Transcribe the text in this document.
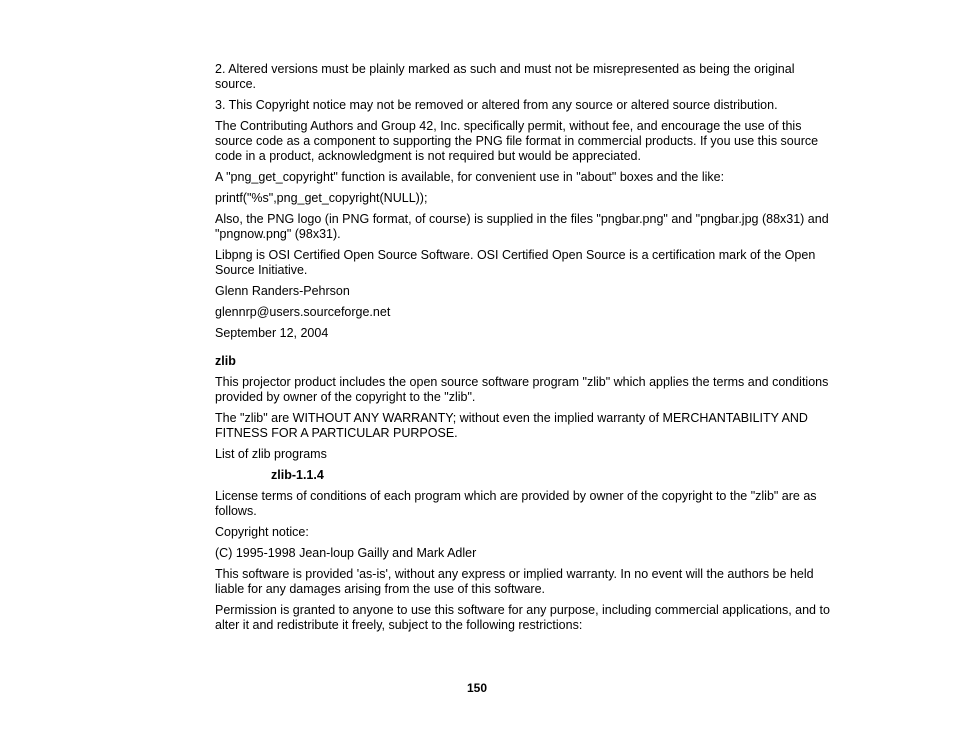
2. Altered versions must be plainly marked as such and must not be misrepresented as being the original source.

3. This Copyright notice may not be removed or altered from any source or altered source distribution.

The Contributing Authors and Group 42, Inc. specifically permit, without fee, and encourage the use of this source code as a component to supporting the PNG file format in commercial products. If you use this source code in a product, acknowledgment is not required but would be appreciated.

A "png_get_copyright" function is available, for convenient use in "about" boxes and the like:

printf("%s",png_get_copyright(NULL));

Also, the PNG logo (in PNG format, of course) is supplied in the files "pngbar.png" and "pngbar.jpg (88x31) and "pngnow.png" (98x31).

Libpng is OSI Certified Open Source Software. OSI Certified Open Source is a certification mark of the Open Source Initiative.

Glenn Randers-Pehrson

glennrp@users.sourceforge.net

September 12, 2004

zlib

This projector product includes the open source software program "zlib" which applies the terms and conditions provided by owner of the copyright to the "zlib".

The "zlib" are WITHOUT ANY WARRANTY; without even the implied warranty of MERCHANTABILITY AND FITNESS FOR A PARTICULAR PURPOSE.

List of zlib programs

zlib-1.1.4

License terms of conditions of each program which are provided by owner of the copyright to the "zlib" are as follows.

Copyright notice:

(C) 1995-1998 Jean-loup Gailly and Mark Adler

This software is provided 'as-is', without any express or implied warranty. In no event will the authors be held liable for any damages arising from the use of this software.

Permission is granted to anyone to use this software for any purpose, including commercial applications, and to alter it and redistribute it freely, subject to the following restrictions:

150
